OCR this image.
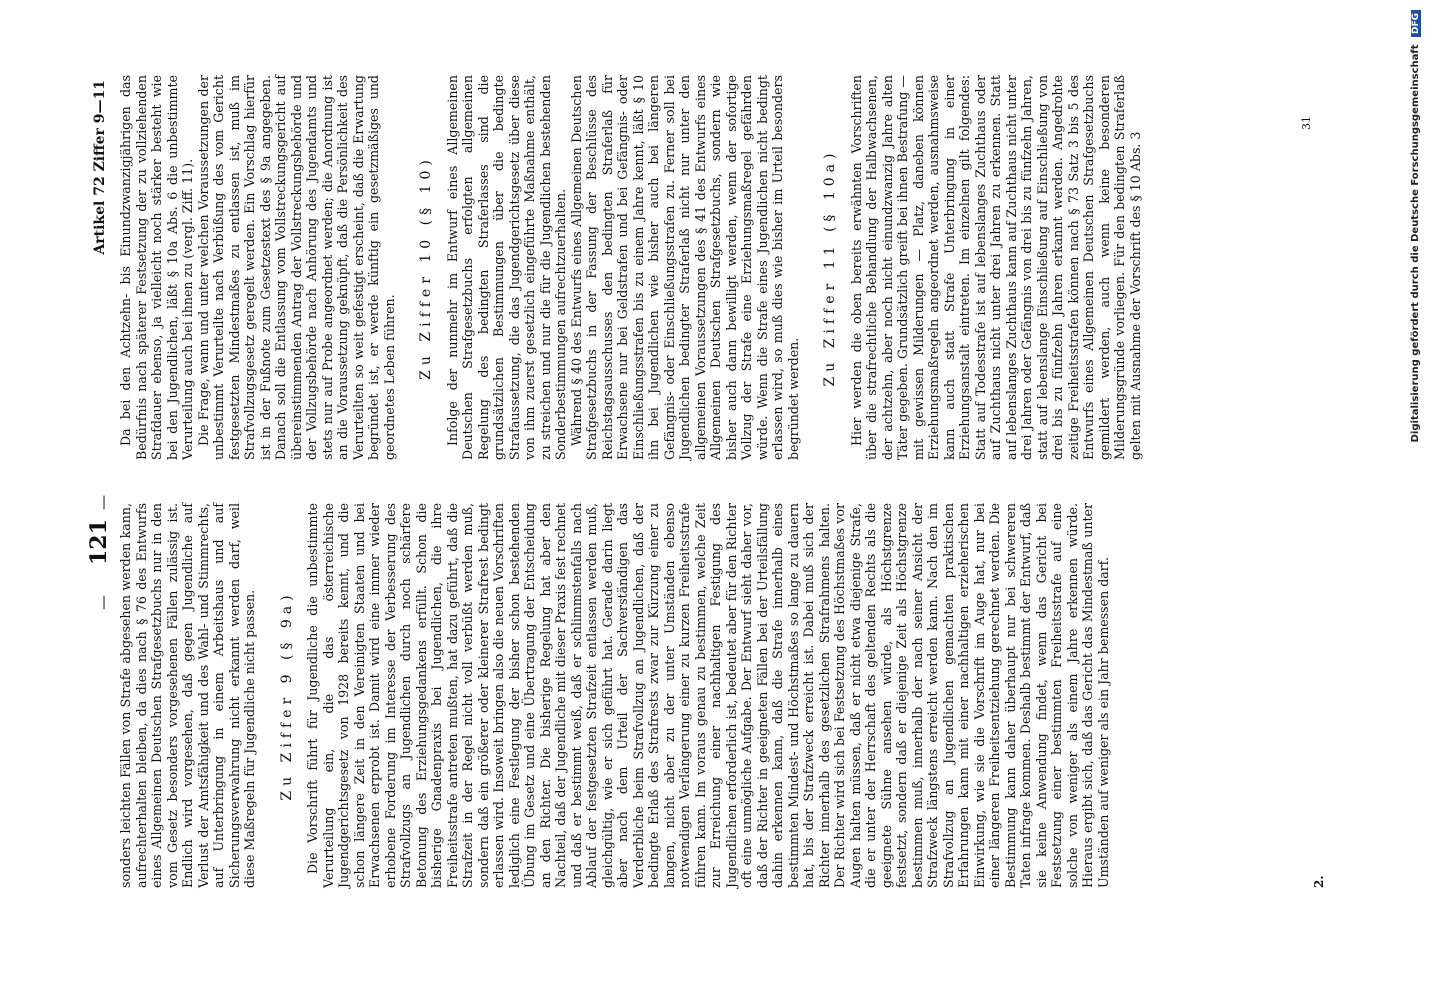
—
121
—
Artikel 72 Ziffer 9—11

sonders leichten Fällen von Strafe abgesehen werden kann, aufrechterhalten bleiben, da dies nach § 76 des Entwurfs eines Allgemeinen Deutschen Strafgesetzbuchs nur in den vom Gesetz besonders vorgesehenen Fällen zulässig ist. Endlich wird vorgesehen, daß gegen Jugendliche auf Verlust der Amtsfähigkeit und des Wahl- und Stimmrechts, auf Unterbringung in einem Arbeitshaus und auf Sicherungsverwahrung nicht erkannt werden darf, weil diese Maßregeln für Jugendliche nicht passen. Zu Ziffer 9 (§ 9a) Die Vorschrift führt für Jugendliche die unbestimmte Verurteilung ein, die das österreichische Jugendgerichtsgesetz von 1928 bereits kennt, und die schon längere Zeit in den Vereinigten Staaten und bei Erwachsenen erprobt ist. Damit wird eine immer wieder erhobene Forderung im Interesse der Verbesserung des Strafvollzugs an Jugendlichen durch noch schärfere Betonung des Erziehungsgedankens erfüllt. Schon die bisherige Gnadenpraxis bei Jugendlichen, die ihre Freiheitsstrafe antreten mußten, hat dazu geführt, daß die Strafzeit in der Regel nicht voll verbüßt werden muß, sondern daß ein größerer oder kleinerer Strafrest bedingt erlassen wird. Insoweit bringen also die neuen Vorschriften lediglich eine Festlegung der bisher schon bestehenden Übung im Gesetz und eine Übertragung der Entscheidung an den Richter. Die bisherige Regelung hat aber den Nachteil, daß der Jugendliche mit dieser Praxis fest rechnet und daß er bestimmt weiß, daß er schlimmstenfalls nach Ablauf der festgesetzten Strafzeit entlassen werden muß, gleichgültig, wie er sich geführt hat. Gerade darin liegt aber nach dem Urteil der Sachverständigen das Verderbliche beim Strafvollzug an Jugendlichen, daß der bedingte Erlaß des Strafrests zwar zur Kürzung einer zu langen, nicht aber zu der unter Umständen ebenso notwendigen Verlängerung einer zu kurzen Freiheitsstrafe führen kann. Im voraus genau zu bestimmen, welche Zeit zur Erreichung einer nachhaltigen Festigung des Jugendlichen erforderlich ist, bedeutet aber für den Richter oft eine unmögliche Aufgabe. Der Entwurf sieht daher vor, daß der Richter in geeigneten Fällen bei der Urteilsfällung dahin erkennen kann, daß die Strafe innerhalb eines bestimmten Mindest- und Höchstmaßes so lange zu dauern hat, bis der Strafzweck erreicht ist. Dabei muß sich der Richter innerhalb des gesetzlichen Strafrahmens halten. Der Richter wird sich bei Festsetzung des Höchstmaßes vor Augen halten müssen, daß er nicht etwa diejenige Strafe, die er unter der Herrschaft des geltenden Rechts als die geeignete Sühne ansehen würde, als Höchstgrenze festsetzt, sondern daß er diejenige Zeit als Höchstgrenze bestimmen muß, innerhalb der nach seiner Ansicht der Strafzweck längstens erreicht werden kann. Nach den im Strafvollzug an Jugendlichen gemachten praktischen Erfahrungen kann mit einer nachhaltigen erzieherischen Einwirkung, wie sie die Vorschrift im Auge hat, nur bei einer längeren Freiheitsentziehung gerechnet werden. Die Bestimmung kann daher überhaupt nur bei schwereren Taten infrage kommen. Deshalb bestimmt der Entwurf, daß sie keine Anwendung findet, wenn das Gericht bei Festsetzung einer bestimmten Freiheitsstrafe auf eine solche von weniger als einem Jahre erkennen würde. Hieraus ergibt sich, daß das Gericht das Mindestmaß unter Umständen auf weniger als ein Jahr bemessen darf.

Da bei den Achtzehn- bis Einundzwanzigjährigen das Bedürfnis nach späterer Festsetzung der zu vollziehenden Strafdauer ebenso, ja vielleicht noch stärker besteht wie bei den Jugendlichen, läßt § 10a Abs. 6 die unbestimmte Verurteilung auch bei ihnen zu (vergl. Ziff. 11). Die Frage, wann und unter welchen Voraussetzungen der unbestimmt Verurteilte nach Verbüßung des vom Gericht festgesetzten Mindestmaßes zu entlassen ist, muß im Strafvollzugsgesetz geregelt werden. Ein Vorschlag hierfür ist in der Fußnote zum Gesetzestext des § 9a angegeben. Danach soll die Entlassung vom Vollstreckungsgericht auf übereinstimmenden Antrag der Vollstreckungsbehörde und der Vollzugsbehörde nach Anhörung des Jugendamts und stets nur auf Probe angeordnet werden; die Anordnung ist an die Voraussetzung geknüpft, daß die Persönlichkeit des Verurteilten so weit gefestigt erscheint, daß die Erwartung begründet ist, er werde künftig ein gesetzmäßiges und geordnetes Leben führen. Zu Ziffer 10 (§ 10) Infolge der nunmehr im Entwurf eines Allgemeinen Deutschen Strafgesetzbuchs erfolgten allgemeinen Regelung des bedingten Straferlasses sind die grundsätzlichen Bestimmungen über die bedingte Strafaussetzung, die das Jugendgerichtsgesetz über diese von ihm zuerst gesetzlich eingeführte Maßnahme enthält, zu streichen und nur die für die Jugendlichen bestehenden Sonderbestimmungen aufrechtzuerhalten. Während § 40 des Entwurfs eines Allgemeinen Deutschen Strafgesetzbuchs in der Fassung der Beschlüsse des Reichstagsausschusses den bedingten Straferlaß für Erwachsene nur bei Geldstrafen und bei Gefängnis- oder Einschließungsstrafen bis zu einem Jahre kennt, läßt § 10 ihn bei Jugendlichen wie bisher auch bei längeren Gefängnis- oder Einschließungsstrafen zu. Ferner soll bei Jugendlichen bedingter Straferlaß nicht nur unter den allgemeinen Voraussetzungen des § 41 des Entwurfs eines Allgemeinen Deutschen Strafgesetzbuchs, sondern wie bisher auch dann bewilligt werden, wenn der sofortige Vollzug der Strafe eine Erziehungsmaßregel gefährden würde. Wenn die Strafe eines Jugendlichen nicht bedingt erlassen wird, so muß dies wie bisher im Urteil besonders begründet werden.

Zu Ziffer 11 (§ 10a) Hier werden die oben bereits erwähnten Vorschriften über die strafrechtliche Behandlung der Halbwachsenen, der achtzehn, aber noch nicht einundzwanzig Jahre alten Täter gegeben. Grundsätzlich greift bei ihnen Bestrafung — mit gewissen Milderungen — Platz, daneben können Erziehungsmaßregeln angeordnet werden, ausnahmsweise kann auch statt Strafe Unterbringung in einer Erziehungsanstalt eintreten. Im einzelnen gilt folgendes: Statt auf Todesstrafe ist auf lebenslanges Zuchthaus oder auf Zuchthaus nicht unter drei Jahren zu erkennen. Statt auf lebenslanges Zuchthaus kann auf Zuchthaus nicht unter drei Jahren oder Gefängnis von drei bis zu fünfzehn Jahren, statt auf lebenslange Einschließung auf Einschließung von drei bis zu fünfzehn Jahren erkannt werden. Angedrohte zeitige Freiheitsstrafen können nach § 73 Satz 3 bis 5 des Entwurfs eines Allgemeinen Deutschen Strafgesetzbuchs gemildert werden, auch wenn keine besonderen Milderungsgründe vorliegen. Für den bedingten Straferlaß gelten mit Ausnahme der Vorschrift des § 10 Abs. 3

2.
31	Digitalisierung gefördert durch die Deutsche Forschungsgemeinschaft DFG
